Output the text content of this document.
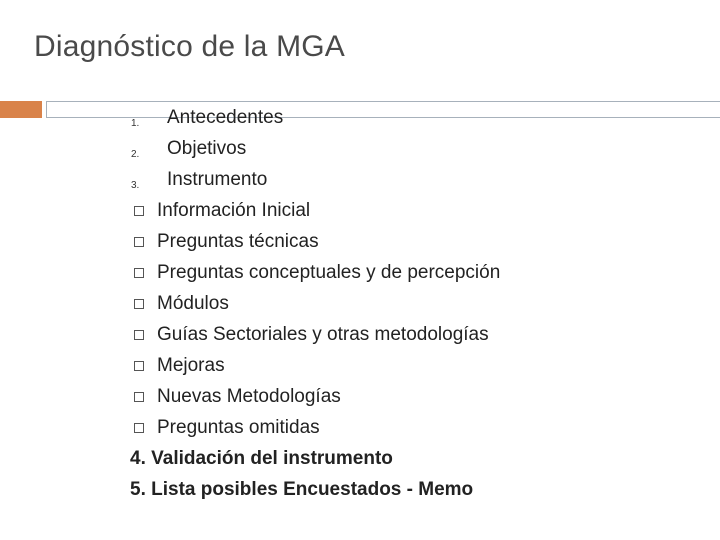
Diagnóstico de la MGA
1. Antecedentes
2. Objetivos
3. Instrumento
Información Inicial
Preguntas técnicas
Preguntas conceptuales y de percepción
Módulos
Guías Sectoriales y otras metodologías
Mejoras
Nuevas Metodologías
Preguntas omitidas
4. Validación del instrumento
5. Lista posibles Encuestados - Memo
